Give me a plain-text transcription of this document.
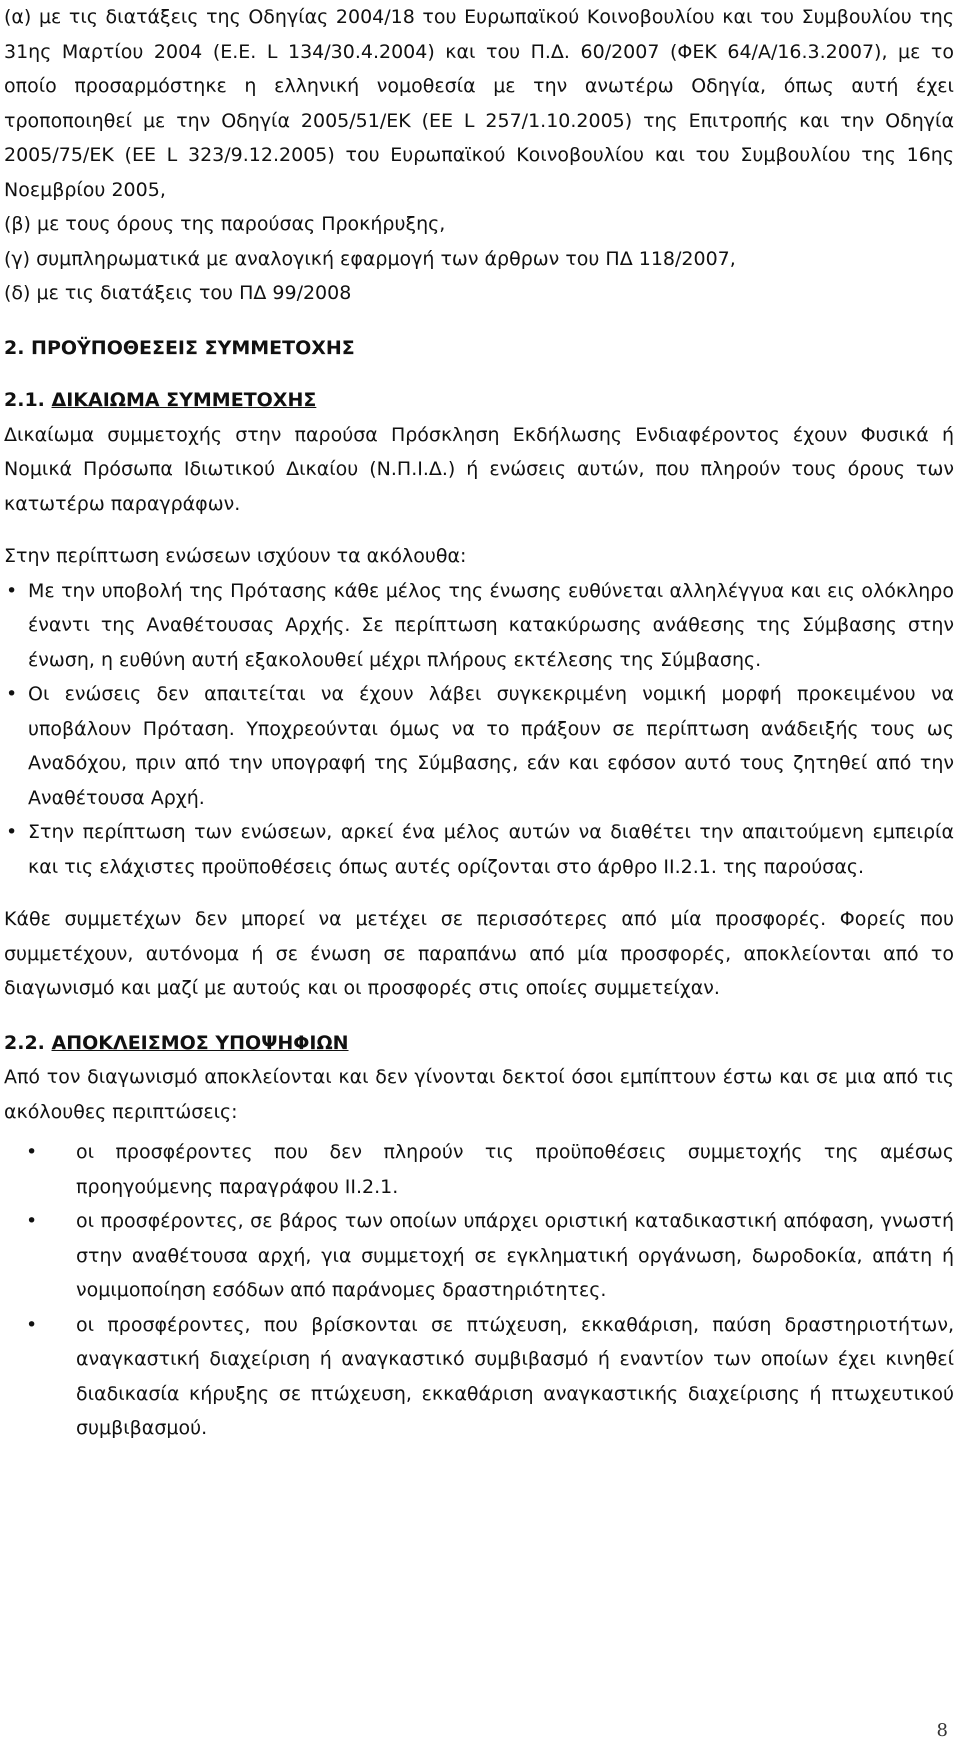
(α) με τις διατάξεις της Οδηγίας 2004/18 του Ευρωπαϊκού Κοινοβουλίου και του Συμβουλίου της 31ης Μαρτίου 2004 (Ε.Ε. L 134/30.4.2004) και του Π.Δ. 60/2007 (ΦΕΚ 64/Α/16.3.2007), με το οποίο προσαρμόστηκε η ελληνική νομοθεσία με την ανωτέρω Οδηγία, όπως αυτή έχει τροποποιηθεί με την Οδηγία 2005/51/ΕΚ (ΕΕ L 257/1.10.2005) της Επιτροπής και την Οδηγία 2005/75/ΕΚ (ΕΕ L 323/9.12.2005) του Ευρωπαϊκού Κοινοβουλίου και του Συμβουλίου της 16ης Νοεμβρίου 2005,

(β) με τους όρους της παρούσας Προκήρυξης,

(γ) συμπληρωματικά με αναλογική εφαρμογή των άρθρων του ΠΔ 118/2007,

(δ) με τις διατάξεις του ΠΔ 99/2008

2. ΠΡΟΫΠΟΘΕΣΕΙΣ ΣΥΜΜΕΤΟΧΗΣ

2.1. ΔΙΚΑΙΩΜΑ ΣΥΜΜΕΤΟΧΗΣ

Δικαίωμα συμμετοχής στην παρούσα Πρόσκληση Εκδήλωσης Ενδιαφέροντος έχουν Φυσικά ή Νομικά Πρόσωπα Ιδιωτικού Δικαίου (Ν.Π.Ι.Δ.) ή ενώσεις αυτών, που πληρούν τους όρους των κατωτέρω παραγράφων.

Στην περίπτωση ενώσεων ισχύουν τα ακόλουθα:

• Με την υποβολή της Πρότασης κάθε μέλος της ένωσης ευθύνεται αλληλέγγυα και εις ολόκληρο έναντι της Αναθέτουσας Αρχής. Σε περίπτωση κατακύρωσης ανάθεσης της Σύμβασης στην ένωση, η ευθύνη αυτή εξακολουθεί μέχρι πλήρους εκτέλεσης της Σύμβασης.

• Οι ενώσεις δεν απαιτείται να έχουν λάβει συγκεκριμένη νομική μορφή προκειμένου να υποβάλουν Πρόταση. Υποχρεούνται όμως να το πράξουν σε περίπτωση ανάδειξής τους ως Αναδόχου, πριν από την υπογραφή της Σύμβασης, εάν και εφόσον αυτό τους ζητηθεί από την Αναθέτουσα Αρχή.

• Στην περίπτωση των ενώσεων, αρκεί ένα μέλος αυτών να διαθέτει την απαιτούμενη εμπειρία και τις ελάχιστες προϋποθέσεις όπως αυτές ορίζονται στο άρθρο ΙΙ.2.1. της παρούσας.

Κάθε συμμετέχων δεν μπορεί να μετέχει σε περισσότερες από μία προσφορές. Φορείς που συμμετέχουν, αυτόνομα ή σε ένωση σε παραπάνω από μία προσφορές, αποκλείονται από το διαγωνισμό και μαζί με αυτούς και οι προσφορές στις οποίες συμμετείχαν.

2.2. ΑΠΟΚΛΕΙΣΜΟΣ ΥΠΟΨΗΦΙΩΝ

Από τον διαγωνισμό αποκλείονται και δεν γίνονται δεκτοί όσοι εμπίπτουν έστω και σε μια από τις ακόλουθες περιπτώσεις:

• οι προσφέροντες που δεν πληρούν τις προϋποθέσεις συμμετοχής της αμέσως προηγούμενης παραγράφου ΙΙ.2.1.
• οι προσφέροντες, σε βάρος των οποίων υπάρχει οριστική καταδικαστική απόφαση, γνωστή στην αναθέτουσα αρχή, για συμμετοχή σε εγκληματική οργάνωση, δωροδοκία, απάτη ή νομιμοποίηση εσόδων από παράνομες δραστηριότητες.
• οι προσφέροντες, που βρίσκονται σε πτώχευση, εκκαθάριση, παύση δραστηριοτήτων, αναγκαστική διαχείριση ή αναγκαστικό συμβιβασμό ή εναντίον των οποίων έχει κινηθεί διαδικασία κήρυξης σε πτώχευση, εκκαθάριση αναγκαστικής διαχείρισης ή πτωχευτικού συμβιβασμού.
8
